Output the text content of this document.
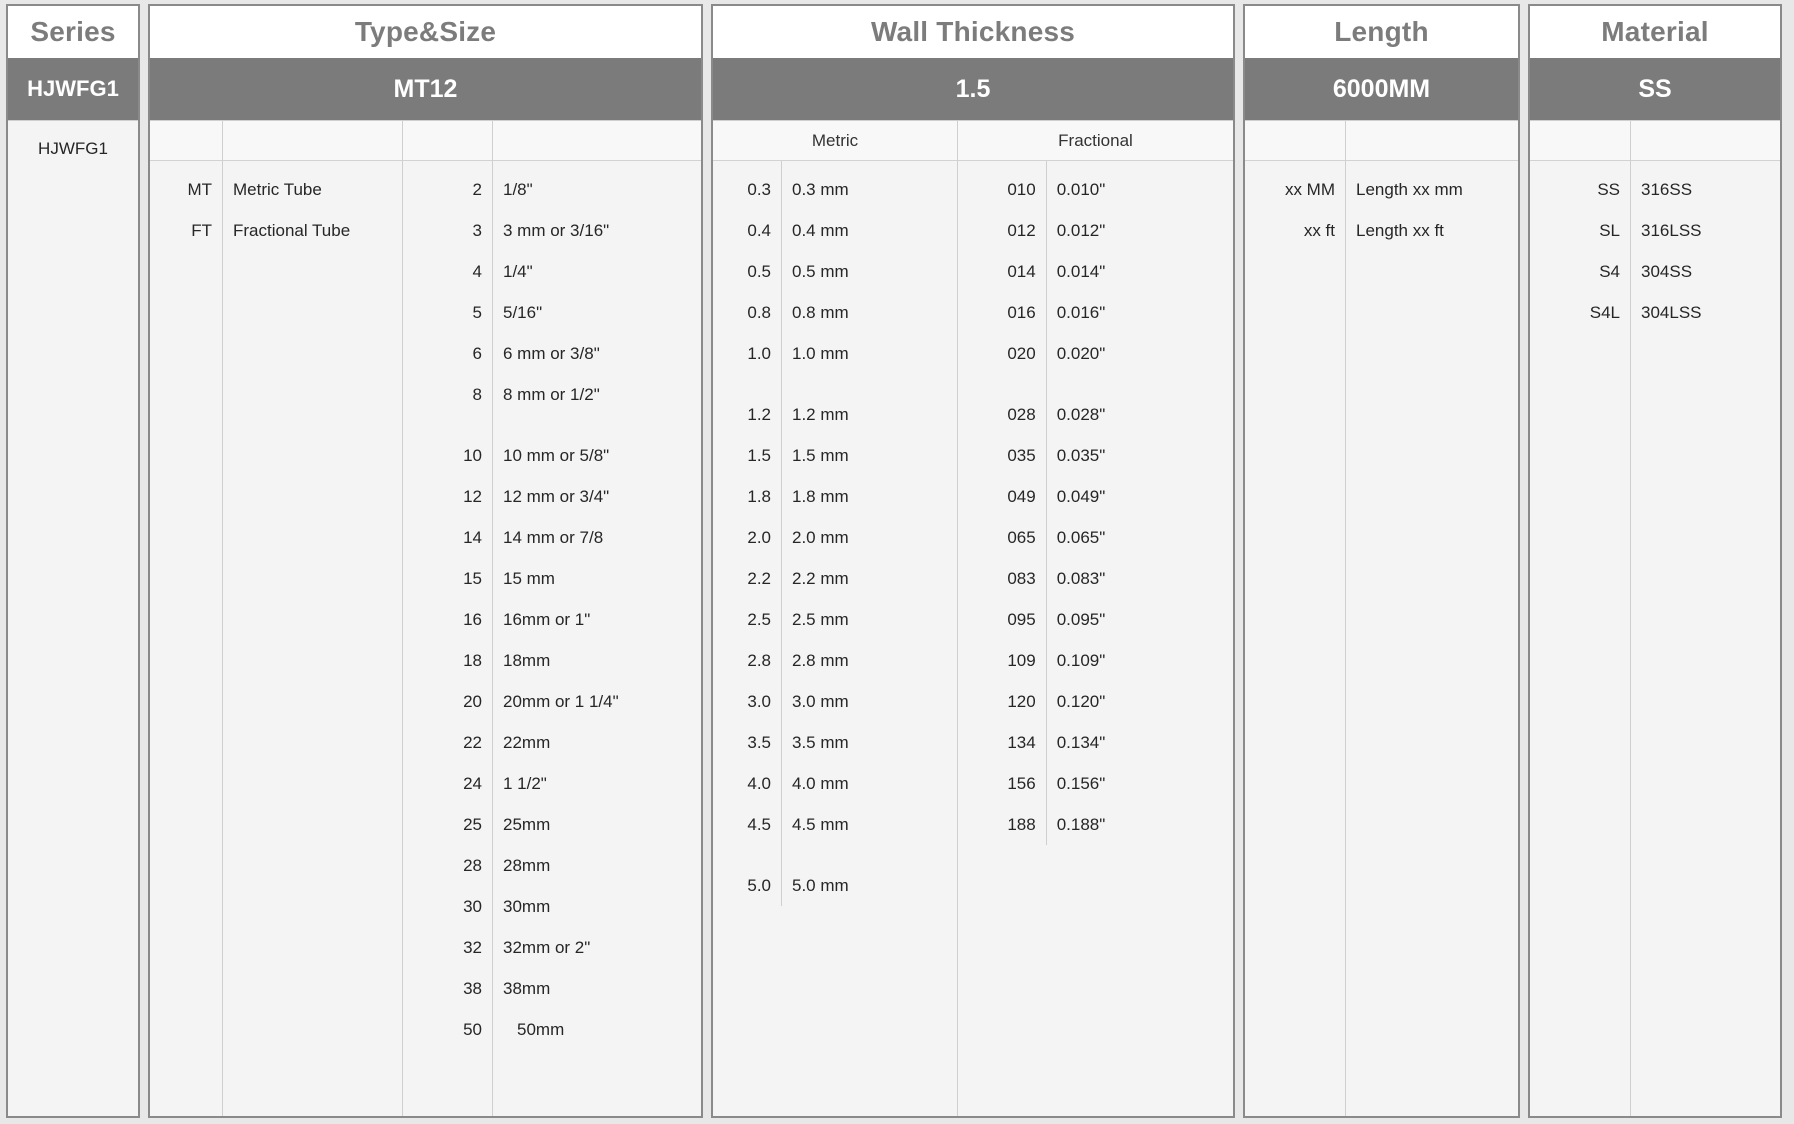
Series
HJWFG1
HJWFG1
Type&Size
MT12

MT
FT

Metric Tube
Fractional Tube

2
3
4
5
6
8
10
12
14
15
16
18
20
22
24
25
28
30
32
38
50

1/8"
3 mm or 3/16"
1/4"
5/16"
6 mm or 3/8"
8 mm or 1/2"
10 mm or 5/8"
12 mm or 3/4"
14 mm or 7/8
15 mm
16mm or 1"
18mm
20mm or 1 1/4"
22mm
1 1/2"
25mm
28mm
30mm
32mm or 2"
38mm
50mm
Wall Thickness
1.5
Metric
0.3
0.4
0.5
0.8
1.0
1.2
1.5
1.8
2.0
2.2
2.5
2.8
3.0
3.5
4.0
4.5
5.0
0.3 mm
0.4 mm
0.5 mm
0.8 mm
1.0 mm
1.2 mm
1.5 mm
1.8 mm
2.0 mm
2.2 mm
2.5 mm
2.8 mm
3.0 mm
3.5 mm
4.0 mm
4.5 mm
5.0 mm
Fractional
010
012
014
016
020
028
035
049
065
083
095
109
120
134
156
188
0.010"
0.012"
0.014"
0.016"
0.020"
0.028"
0.035"
0.049"
0.065"
0.083"
0.095"
0.109"
0.120"
0.134"
0.156"
0.188"
Length
6000MM

xx MM
xx ft

Length xx mm
Length xx ft
Material
SS

SS
SL
S4
S4L

316SS
316LSS
304SS
304LSS
